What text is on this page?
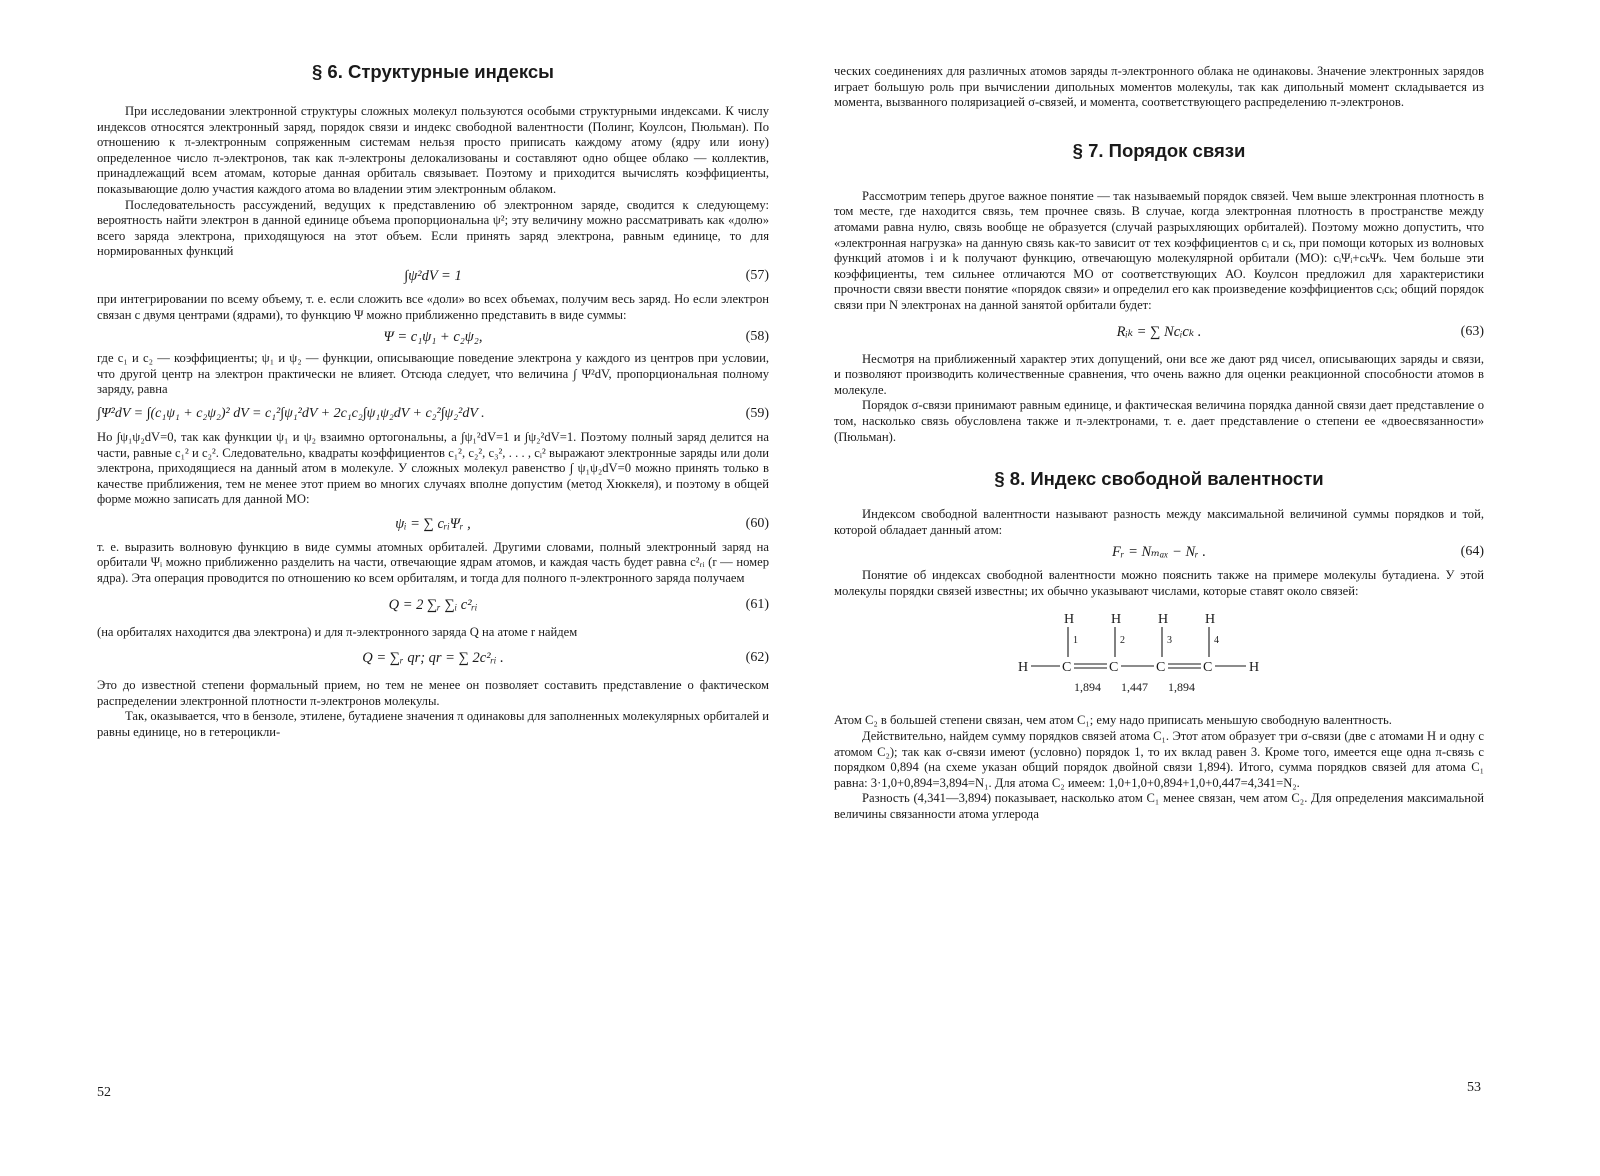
§ 6. Структурные индексы

При исследовании электронной структуры сложных молекул пользуются особыми структурными индексами. К числу индексов относятся электронный заряд, порядок связи и индекс свободной валентности (Полинг, Коулсон, Пюльман). По отношению к π-электронным сопряженным системам нельзя просто приписать каждому атому (ядру или иону) определенное число π-электронов, так как π-электроны делокализованы и составляют одно общее облако — коллектив, принадлежащий всем атомам, которые данная орбиталь связывает. Поэтому и приходится вычислять коэффициенты, показывающие долю участия каждого атома во владении этим электронным облаком.

Последовательность рассуждений, ведущих к представлению об электронном заряде, сводится к следующему: вероятность найти электрон в данной единице объема пропорциональна ψ²; эту величину можно рассматривать как «долю» всего заряда электрона, приходящуюся на этот объем. Если принять заряд электрона, равным единице, то для нормированных функций

∫ψ²dV = 1	(57)

при интегрировании по всему объему, т. е. если сложить все «доли» во всех объемах, получим весь заряд. Но если электрон связан с двумя центрами (ядрами), то функцию Ψ можно приближенно представить в виде суммы:

Ψ = c₁ψ₁ + c₂ψ₂,	(58)

где c₁ и c₂ — коэффициенты; ψ₁ и ψ₂ — функции, описывающие поведение электрона у каждого из центров при условии, что другой центр на электрон практически не влияет. Отсюда следует, что величина ∫ Ψ²dV, пропорциональная полному заряду, равна

∫Ψ²dV = ∫(c₁ψ₁ + c₂ψ₂)² dV = c₁²∫ψ₁²dV + 2c₁c₂∫ψ₁ψ₂dV + c₂²∫ψ₂²dV .	(59)

Но ∫ψ₁ψ₂dV=0, так как функции ψ₁ и ψ₂ взаимно ортогональны, а ∫ψ₁²dV=1 и ∫ψ₂²dV=1. Поэтому полный заряд делится на части, равные c₁² и c₂². Следовательно, квадраты коэффициентов c₁², c₂², c₃², . . . , cᵢ² выражают электронные заряды или доли электрона, приходящиеся на данный атом в молекуле. У сложных молекул равенство ∫ ψ₁ψ₂dV=0 можно принять только в качестве приближения, тем не менее этот прием во многих случаях вполне допустим (метод Хюккеля), и поэтому в общей форме можно записать для данной МО:

ψᵢ = ∑ cᵣᵢΨᵣ ,	(60)

т. е. выразить волновую функцию в виде суммы атомных орбиталей. Другими словами, полный электронный заряд на орбитали Ψᵢ можно приближенно разделить на части, отвечающие ядрам атомов, и каждая часть будет равна c²ᵣᵢ (r — номер ядра). Эта операция проводится по отношению ко всем орбиталям, и тогда для полного π-электронного заряда получаем

Q = 2 ∑ᵣ ∑ᵢ c²ᵣᵢ	(61)

(на орбиталях находится два электрона) и для π-электронного заряда Q на атоме r найдем

Q = ∑ᵣ qr; qr = ∑ 2c²ᵣᵢ .	(62)

Это до известной степени формальный прием, но тем не менее он позволяет составить представление о фактическом распределении электронной плотности π-электронов молекулы.

Так, оказывается, что в бензоле, этилене, бутадиене значения π одинаковы для заполненных молекулярных орбиталей и равны единице, но в гетероцикли-

52

ческих соединениях для различных атомов заряды π-электронного облака не одинаковы. Значение электронных зарядов играет большую роль при вычислении дипольных моментов молекулы, так как дипольный момент складывается из момента, вызванного поляризацией σ-связей, и момента, соответствующего распределению π-электронов.

§ 7. Порядок связи

Рассмотрим теперь другое важное понятие — так называемый порядок связей. Чем выше электронная плотность в том месте, где находится связь, тем прочнее связь. В случае, когда электронная плотность в пространстве между атомами равна нулю, связь вообще не образуется (случай разрыхляющих орбиталей). Поэтому можно допустить, что «электронная нагрузка» на данную связь как-то зависит от тех коэффициентов cᵢ и cₖ, при помощи которых из волновых функций атомов i и k получают функцию, отвечающую молекулярной орбитали (МО): cᵢΨᵢ+cₖΨₖ. Чем больше эти коэффициенты, тем сильнее отличаются МО от соответствующих АО. Коулсон предложил для характеристики прочности связи ввести понятие «порядок связи» и определил его как произведение коэффициентов cᵢcₖ; общий порядок связи при N электронах на данной занятой орбитали будет:

Rᵢₖ = ∑ Ncᵢcₖ .	(63)

Несмотря на приближенный характер этих допущений, они все же дают ряд чисел, описывающих заряды и связи, и позволяют производить количественные сравнения, что очень важно для оценки реакционной способности атомов в молекуле.

Порядок σ-связи принимают равным единице, и фактическая величина порядка данной связи дает представление о том, насколько связь обусловлена также и π-электронами, т. е. дает представление о степени ее «двоесвязанности» (Пюльман).

§ 8. Индекс свободной валентности

Индексом свободной валентности называют разность между максимальной величиной суммы порядков и той, которой обладает данный атом:

Fᵣ = Nₘₐₓ − Nᵣ .	(64)

Понятие об индексах свободной валентности можно пояснить также на примере молекулы бутадиена. У этой молекулы порядки связей известны; их обычно указывают числами, которые ставят около связей:

H	H	H	H
H C	C	C	C	H
1	2	3	4
1,894 1,447 1,894

Атом C₂ в большей степени связан, чем атом C₁; ему надо приписать меньшую свободную валентность.

Действительно, найдем сумму порядков связей атома C₁. Этот атом образует три σ-связи (две с атомами H и одну с атомом C₂); так как σ-связи имеют (условно) порядок 1, то их вклад равен 3. Кроме того, имеется еще одна π-связь с порядком 0,894 (на схеме указан общий порядок двойной связи 1,894). Итого, сумма порядков связей для атома C₁ равна: 3·1,0+0,894=3,894=N₁. Для атома C₂ имеем: 1,0+1,0+0,894+1,0+0,447=4,341=N₂.

Разность (4,341—3,894) показывает, насколько атом C₁ менее связан, чем атом C₂. Для определения максимальной величины связанности атома углерода

53
